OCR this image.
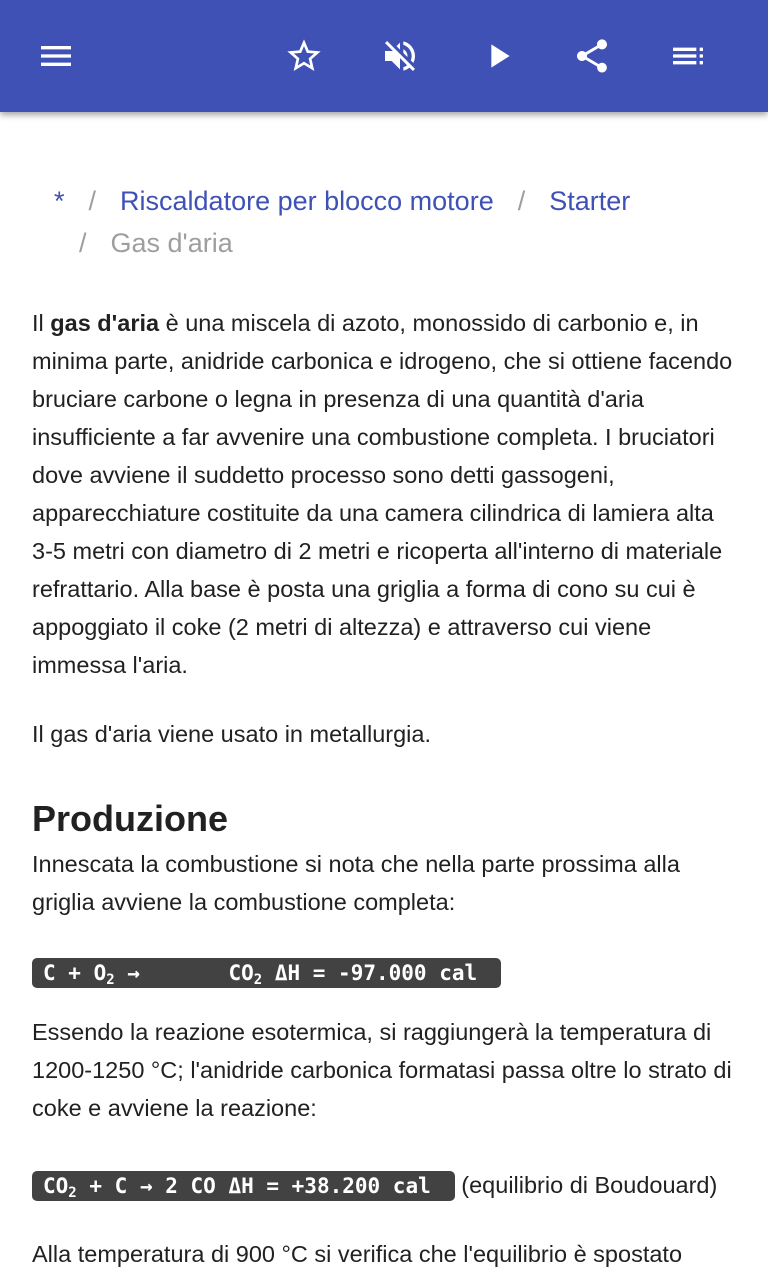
* / Riscaldatore per blocco motore / Starter
/ Gas d'aria

Il gas d'aria è una miscela di azoto, monossido di carbonio e, in minima parte, anidride carbonica e idrogeno, che si ottiene facendo bruciare carbone o legna in presenza di una quantità d'aria insufficiente a far avvenire una combustione completa. I bruciatori dove avviene il suddetto processo sono detti gassogeni, apparecchiature costituite da una camera cilindrica di lamiera alta 3-5 metri con diametro di 2 metri e ricoperta all'interno di materiale refrattario. Alla base è posta una griglia a forma di cono su cui è appoggiato il coke (2 metri di altezza) e attraverso cui viene immessa l'aria.

Il gas d'aria viene usato in metallurgia.

Produzione

Innescata la combustione si nota che nella parte prossima alla griglia avviene la combustione completa:

$C + O_2$ →       $CO_2$ ΔH = -97.000 cal

Essendo la reazione esotermica, si raggiungerà la temperatura di 1200-1250 °C; l'anidride carbonica formatasi passa oltre lo strato di coke e avviene la reazione:

$CO_2 + C \to 2$ CO ΔH = +38.200 cal (equilibrio di Boudouard)

Alla temperatura di 900 °C si verifica che l'equilibrio è spostato
